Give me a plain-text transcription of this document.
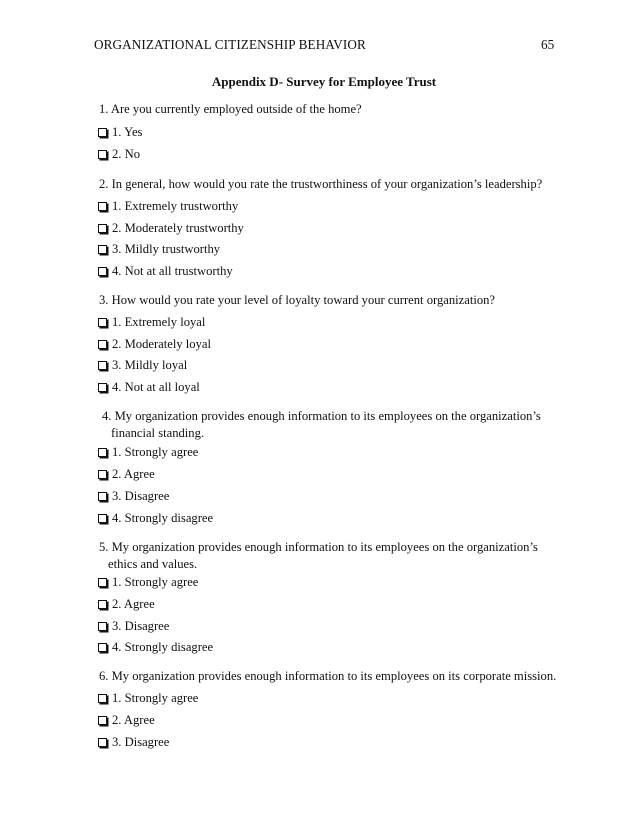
ORGANIZATIONAL CITIZENSHIP BEHAVIOR	65
Appendix D- Survey for Employee Trust
1. Are you currently employed outside of the home?
1. Yes
2. No
2. In general, how would you rate the trustworthiness of your organization’s leadership?
1. Extremely trustworthy
2. Moderately trustworthy
3. Mildly trustworthy
4. Not at all trustworthy
3. How would you rate your level of loyalty toward your current organization?
1. Extremely loyal
2. Moderately loyal
3. Mildly loyal
4. Not at all loyal
4. My organization provides enough information to its employees on the organization’s
financial standing.
1. Strongly agree
2. Agree
3. Disagree
4. Strongly disagree
5. My organization provides enough information to its employees on the organization’s
ethics and values.
1. Strongly agree
2. Agree
3. Disagree
4. Strongly disagree
6. My organization provides enough information to its employees on its corporate mission.
1. Strongly agree
2. Agree
3. Disagree
